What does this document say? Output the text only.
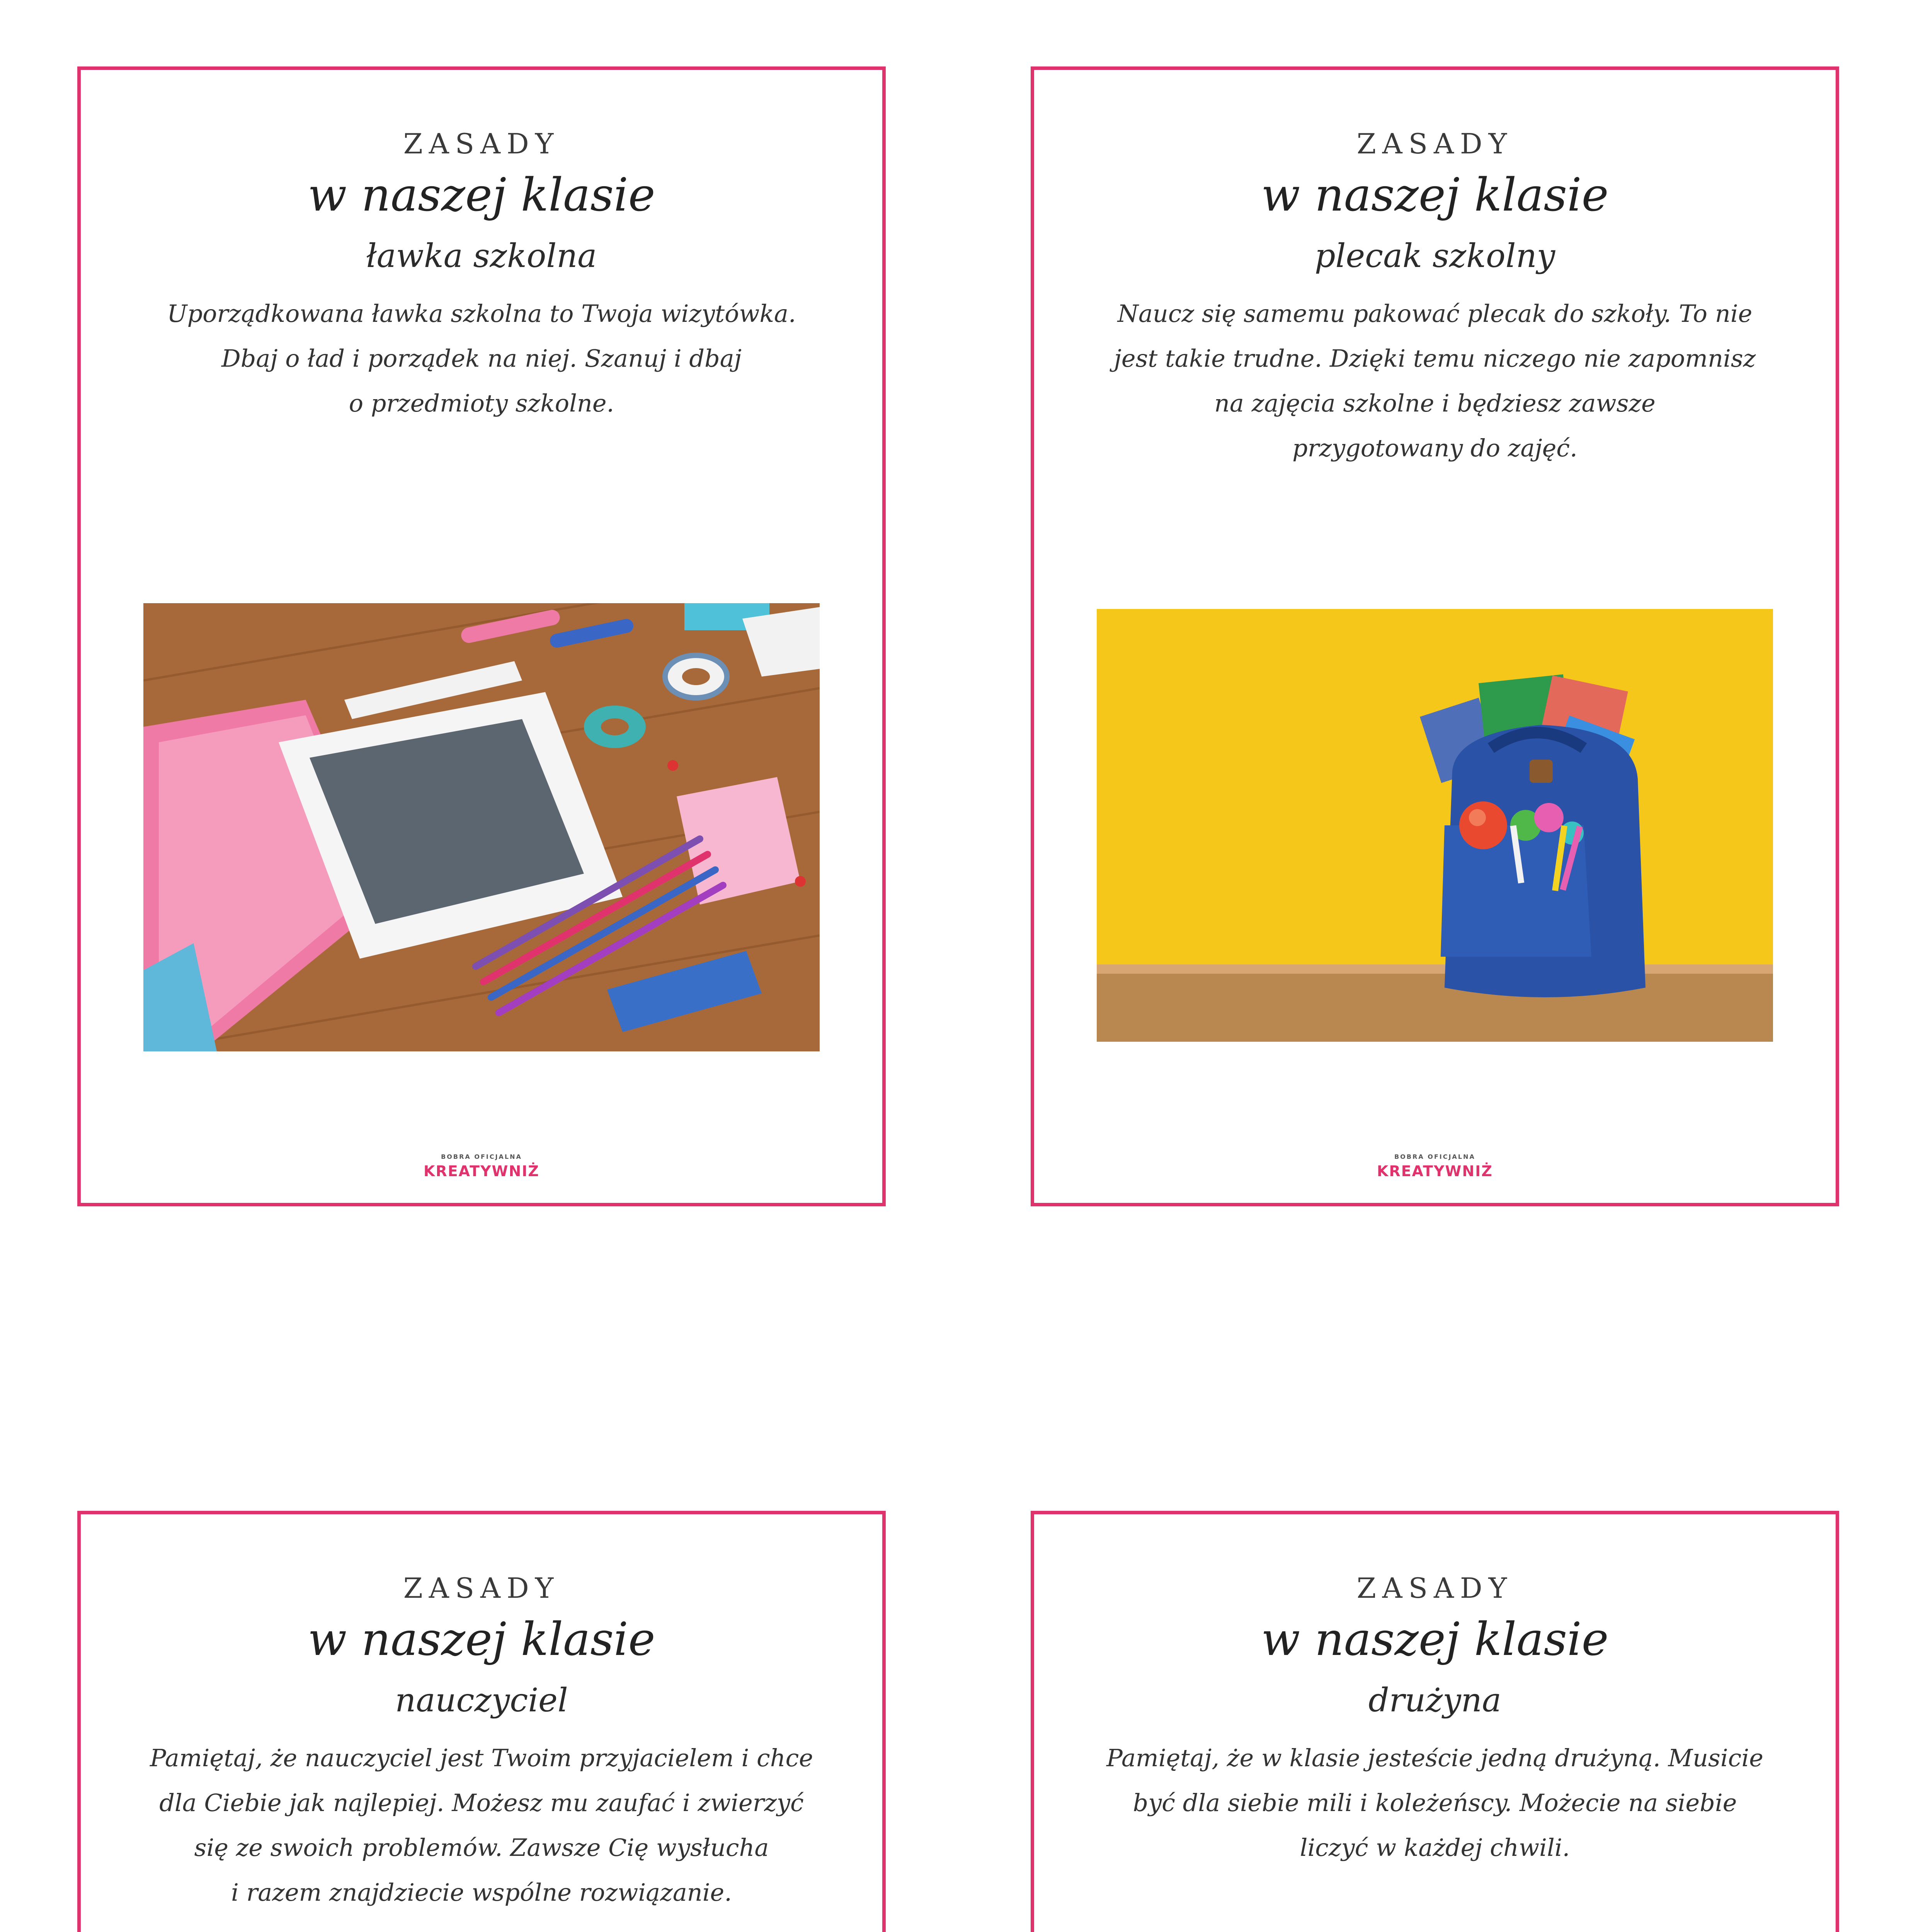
ZASADY
w naszej klasie
ławka szkolna
Uporządkowana ławka szkolna to Twoja wizytówka.
Dbaj o ład i porządek na niej. Szanuj i dbaj
o przedmioty szkolne.
BOBRA OFICJALNA
KREATYWNIŻ
ZASADY
w naszej klasie
plecak szkolny
Naucz się samemu pakować plecak do szkoły. To nie
jest takie trudne. Dzięki temu niczego nie zapomnisz
na zajęcia szkolne i będziesz zawsze
przygotowany do zajęć.
BOBRA OFICJALNA
KREATYWNIŻ
ZASADY
w naszej klasie
nauczyciel
Pamiętaj, że nauczyciel jest Twoim przyjacielem i chce
dla Ciebie jak najlepiej. Możesz mu zaufać i zwierzyć
się ze swoich problemów. Zawsze Cię wysłucha
i razem znajdziecie wspólne rozwiązanie.
ZASADY
w naszej klasie
drużyna
Pamiętaj, że w klasie jesteście jedną drużyną. Musicie
być dla siebie mili i koleżeńscy. Możecie na siebie
liczyć w każdej chwili.
